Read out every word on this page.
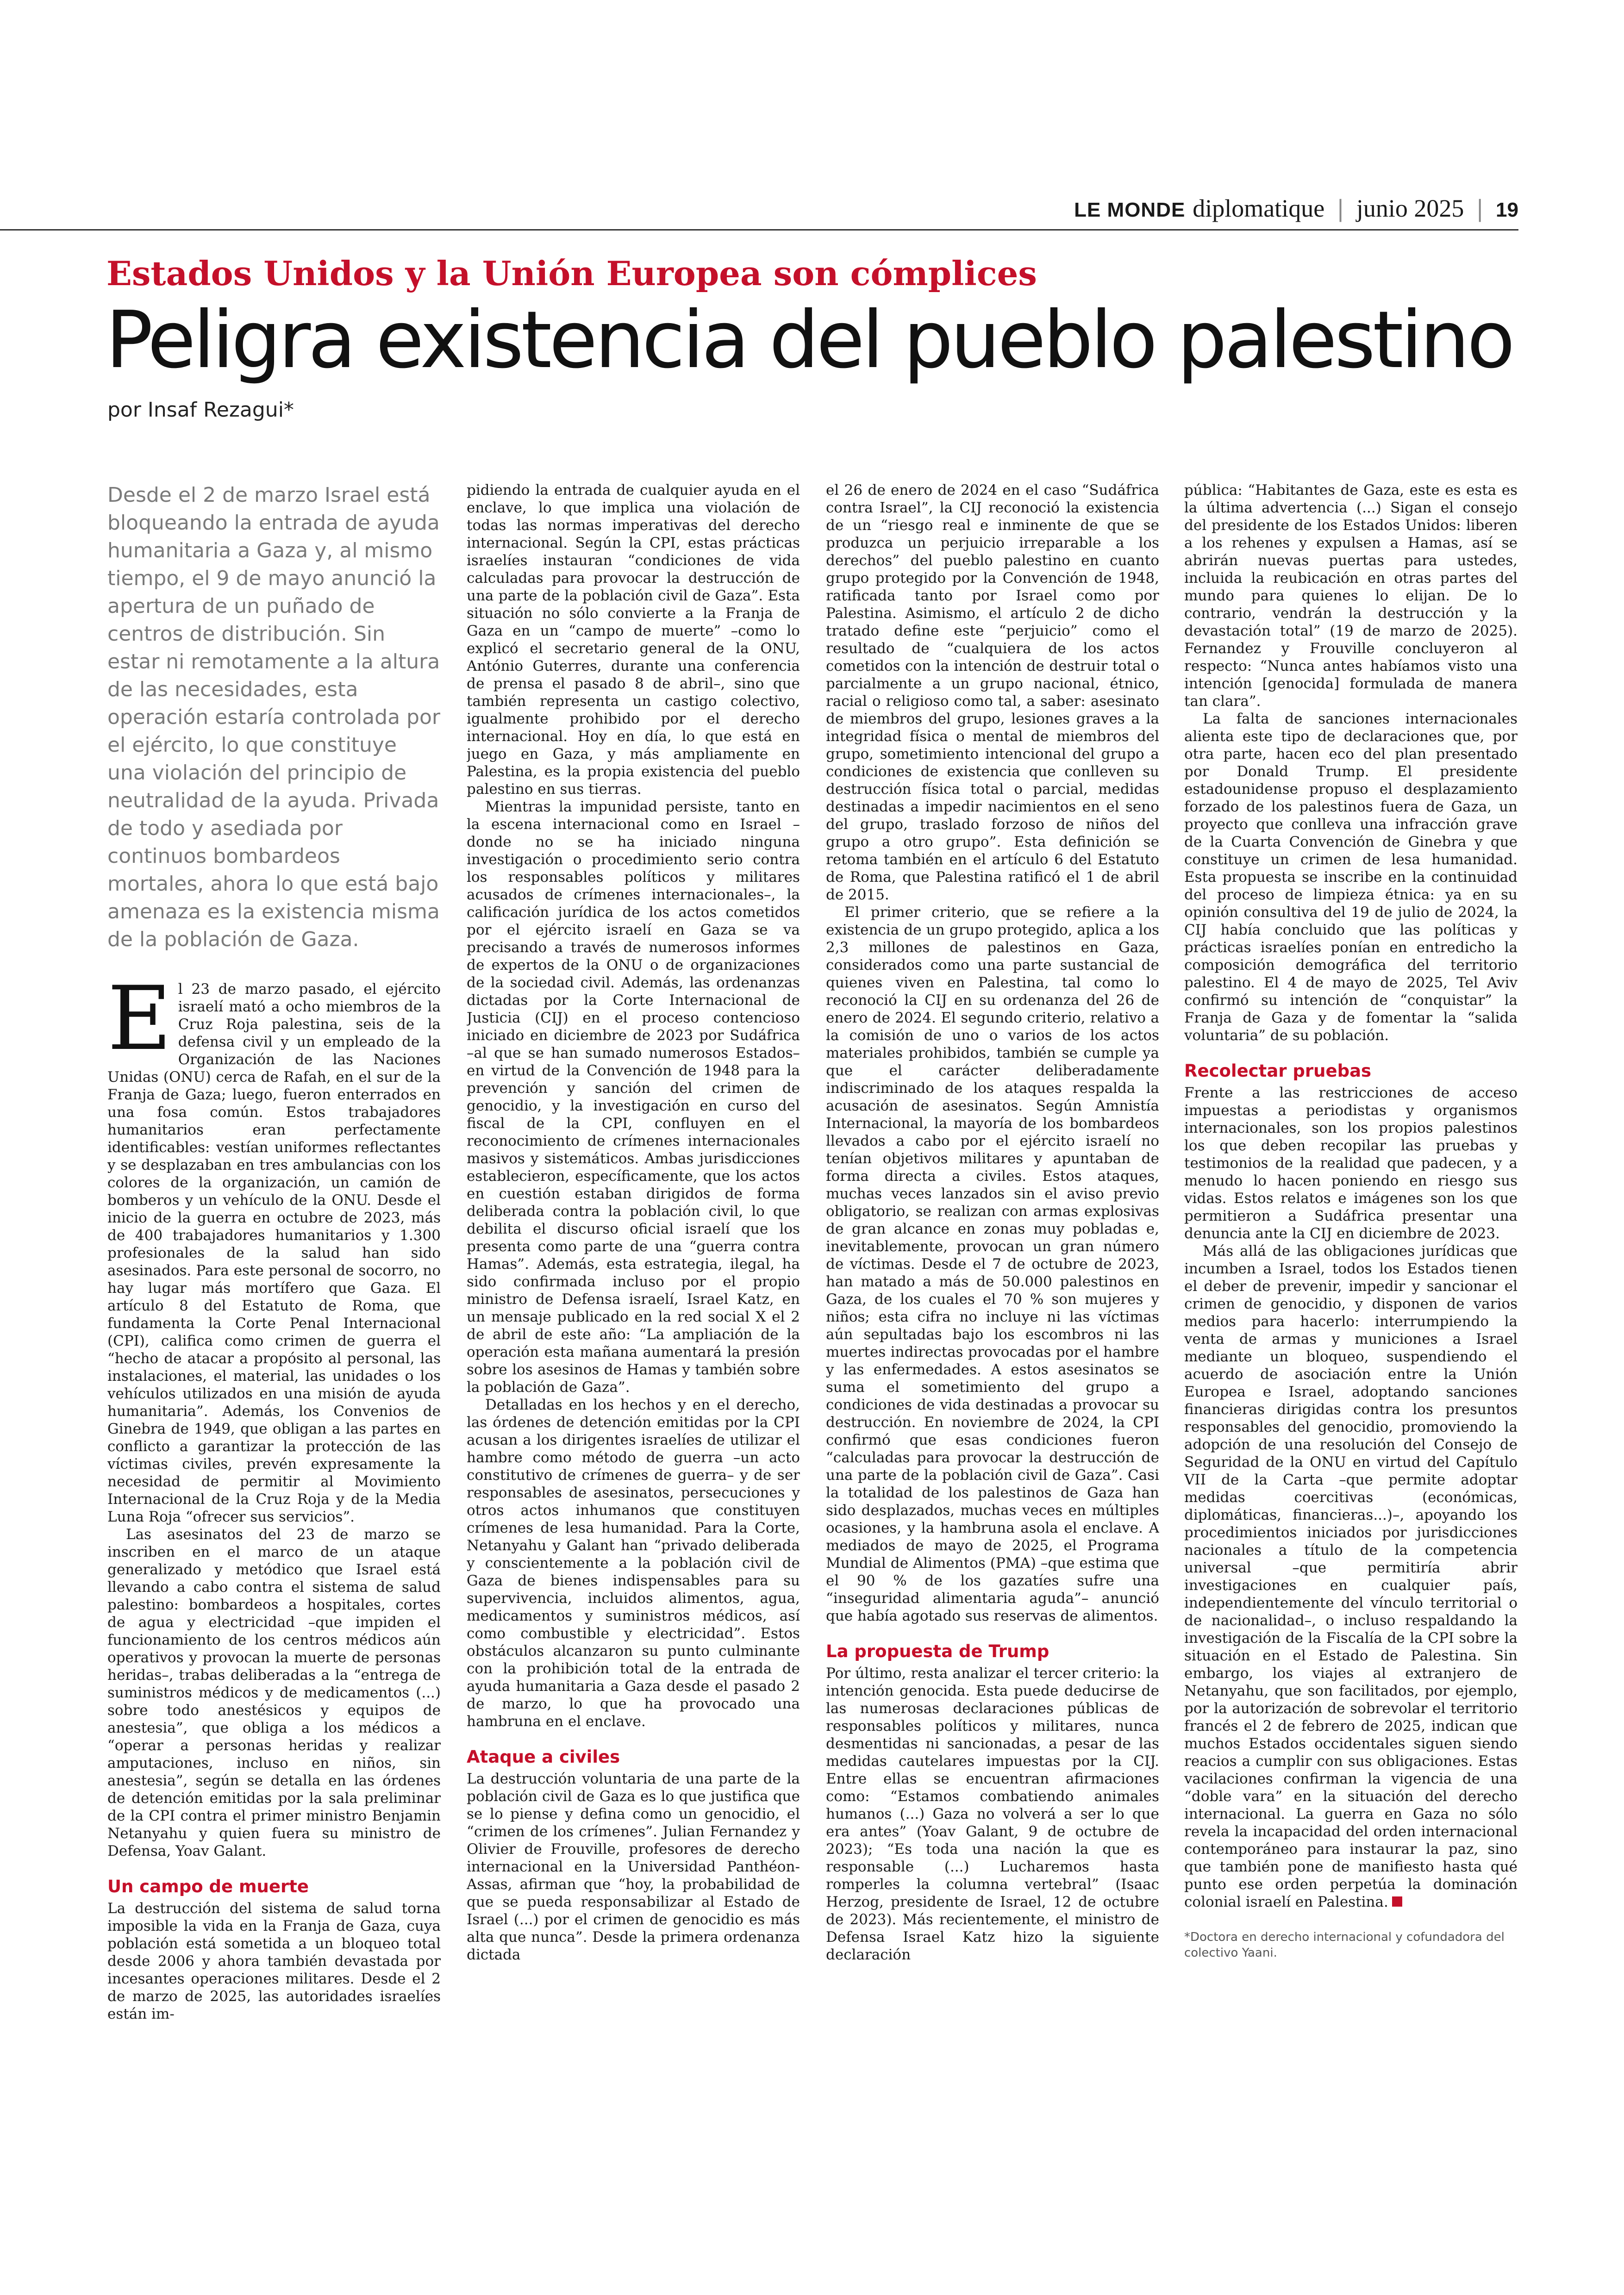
LE MONDE diplomatique | junio 2025 | 19
Estados Unidos y la Unión Europea son cómplices
Peligra existencia del pueblo palestino
por Insaf Rezagui*
Desde el 2 de marzo Israel está bloqueando la entrada de ayuda humanitaria a Gaza y, al mismo tiempo, el 9 de mayo anunció la apertura de un puñado de centros de distribución. Sin estar ni remotamente a la altura de las necesidades, esta operación estaría controlada por el ejército, lo que constituye una violación del principio de neutralidad de la ayuda. Privada de todo y asediada por continuos bombardeos mortales, ahora lo que está bajo amenaza es la existencia misma de la población de Gaza.

El 23 de marzo pasado, el ejército israelí mató a ocho miembros de la Cruz Roja palestina, seis de la defensa civil y un empleado de la Organización de las Naciones Unidas (ONU) cerca de Rafah, en el sur de la Franja de Gaza; luego, fueron enterrados en una fosa común. Estos trabajadores humanitarios eran perfectamente identificables: vestían uniformes reflectantes y se desplazaban en tres ambulancias con los colores de la organización, un camión de bomberos y un vehículo de la ONU. Desde el inicio de la guerra en octubre de 2023, más de 400 trabajadores humanitarios y 1.300 profesionales de la salud han sido asesinados. Para este personal de socorro, no hay lugar más mortífero que Gaza. El artículo 8 del Estatuto de Roma, que fundamenta la Corte Penal Internacional (CPI), califica como crimen de guerra el “hecho de atacar a propósito al personal, las instalaciones, el material, las unidades o los vehículos utilizados en una misión de ayuda humanitaria”. Además, los Convenios de Ginebra de 1949, que obligan a las partes en conflicto a garantizar la protección de las víctimas civiles, prevén expresamente la necesidad de permitir al Movimiento Internacional de la Cruz Roja y de la Media Luna Roja “ofrecer sus servicios”.

Las asesinatos del 23 de marzo se inscriben en el marco de un ataque generalizado y metódico que Israel está llevando a cabo contra el sistema de salud palestino: bombardeos a hospitales, cortes de agua y electricidad –que impiden el funcionamiento de los centros médicos aún operativos y provocan la muerte de personas heridas–, trabas deliberadas a la “entrega de suministros médicos y de medicamentos (...) sobre todo anestésicos y equipos de anestesia”, que obliga a los médicos a “operar a personas heridas y realizar amputaciones, incluso en niños, sin anestesia”, según se detalla en las órdenes de detención emitidas por la sala preliminar de la CPI contra el primer ministro Benjamin Netanyahu y quien fuera su ministro de Defensa, Yoav Galant.

Un campo de muerte

La destrucción del sistema de salud torna imposible la vida en la Franja de Gaza, cuya población está sometida a un bloqueo total desde 2006 y ahora también devastada por incesantes operaciones militares. Desde el 2 de marzo de 2025, las autoridades israelíes están im-

pidiendo la entrada de cualquier ayuda en el enclave, lo que implica una violación de todas las normas imperativas del derecho internacional. Según la CPI, estas prácticas israelíes instauran “condiciones de vida calculadas para provocar la destrucción de una parte de la población civil de Gaza”. Esta situación no sólo convierte a la Franja de Gaza en un “campo de muerte” –como lo explicó el secretario general de la ONU, António Guterres, durante una conferencia de prensa el pasado 8 de abril–, sino que también representa un castigo colectivo, igualmente prohibido por el derecho internacional. Hoy en día, lo que está en juego en Gaza, y más ampliamente en Palestina, es la propia existencia del pueblo palestino en sus tierras.

Mientras la impunidad persiste, tanto en la escena internacional como en Israel –donde no se ha iniciado ninguna investigación o procedimiento serio contra los responsables políticos y militares acusados de crímenes internacionales–, la calificación jurídica de los actos cometidos por el ejército israelí en Gaza se va precisando a través de numerosos informes de expertos de la ONU o de organizaciones de la sociedad civil. Además, las ordenanzas dictadas por la Corte Internacional de Justicia (CIJ) en el proceso contencioso iniciado en diciembre de 2023 por Sudáfrica –al que se han sumado numerosos Estados– en virtud de la Convención de 1948 para la prevención y sanción del crimen de genocidio, y la investigación en curso del fiscal de la CPI, confluyen en el reconocimiento de crímenes internacionales masivos y sistemáticos. Ambas jurisdicciones establecieron, específicamente, que los actos en cuestión estaban dirigidos de forma deliberada contra la población civil, lo que debilita el discurso oficial israelí que los presenta como parte de una “guerra contra Hamas”. Además, esta estrategia, ilegal, ha sido confirmada incluso por el propio ministro de Defensa israelí, Israel Katz, en un mensaje publicado en la red social X el 2 de abril de este año: “La ampliación de la operación esta mañana aumentará la presión sobre los asesinos de Hamas y también sobre la población de Gaza”.

Detalladas en los hechos y en el derecho, las órdenes de detención emitidas por la CPI acusan a los dirigentes israelíes de utilizar el hambre como método de guerra –un acto constitutivo de crímenes de guerra– y de ser responsables de asesinatos, persecuciones y otros actos inhumanos que constituyen crímenes de lesa humanidad. Para la Corte, Netanyahu y Galant han “privado deliberada y conscientemente a la población civil de Gaza de bienes indispensables para su supervivencia, incluidos alimentos, agua, medicamentos y suministros médicos, así como combustible y electricidad”. Estos obstáculos alcanzaron su punto culminante con la prohibición total de la entrada de ayuda humanitaria a Gaza desde el pasado 2 de marzo, lo que ha provocado una hambruna en el enclave.

Ataque a civiles

La destrucción voluntaria de una parte de la población civil de Gaza es lo que justifica que se lo piense y defina como un genocidio, el “crimen de los crímenes”. Julian Fernandez y Olivier de Frouville, profesores de derecho internacional en la Universidad Panthéon-Assas, afirman que “hoy, la probabilidad de que se pueda responsabilizar al Estado de Israel (...) por el crimen de genocidio es más alta que nunca”. Desde la primera ordenanza dictada

el 26 de enero de 2024 en el caso “Sudáfrica contra Israel”, la CIJ reconoció la existencia de un “riesgo real e inminente de que se produzca un perjuicio irreparable a los derechos” del pueblo palestino en cuanto grupo protegido por la Convención de 1948, ratificada tanto por Israel como por Palestina. Asimismo, el artículo 2 de dicho tratado define este “perjuicio” como el resultado de “cualquiera de los actos cometidos con la intención de destruir total o parcialmente a un grupo nacional, étnico, racial o religioso como tal, a saber: asesinato de miembros del grupo, lesiones graves a la integridad física o mental de miembros del grupo, sometimiento intencional del grupo a condiciones de existencia que conlleven su destrucción física total o parcial, medidas destinadas a impedir nacimientos en el seno del grupo, traslado forzoso de niños del grupo a otro grupo”. Esta definición se retoma también en el artículo 6 del Estatuto de Roma, que Palestina ratificó el 1 de abril de 2015.

El primer criterio, que se refiere a la existencia de un grupo protegido, aplica a los 2,3 millones de palestinos en Gaza, considerados como una parte sustancial de quienes viven en Palestina, tal como lo reconoció la CIJ en su ordenanza del 26 de enero de 2024. El segundo criterio, relativo a la comisión de uno o varios de los actos materiales prohibidos, también se cumple ya que el carácter deliberadamente indiscriminado de los ataques respalda la acusación de asesinatos. Según Amnistía Internacional, la mayoría de los bombardeos llevados a cabo por el ejército israelí no tenían objetivos militares y apuntaban de forma directa a civiles. Estos ataques, muchas veces lanzados sin el aviso previo obligatorio, se realizan con armas explosivas de gran alcance en zonas muy pobladas e, inevitablemente, provocan un gran número de víctimas. Desde el 7 de octubre de 2023, han matado a más de 50.000 palestinos en Gaza, de los cuales el 70 % son mujeres y niños; esta cifra no incluye ni las víctimas aún sepultadas bajo los escombros ni las muertes indirectas provocadas por el hambre y las enfermedades. A estos asesinatos se suma el sometimiento del grupo a condiciones de vida destinadas a provocar su destrucción. En noviembre de 2024, la CPI confirmó que esas condiciones fueron “calculadas para provocar la destrucción de una parte de la población civil de Gaza”. Casi la totalidad de los palestinos de Gaza han sido desplazados, muchas veces en múltiples ocasiones, y la hambruna asola el enclave. A mediados de mayo de 2025, el Programa Mundial de Alimentos (PMA) –que estima que el 90 % de los gazatíes sufre una “inseguridad alimentaria aguda”– anunció que había agotado sus reservas de alimentos.

La propuesta de Trump

Por último, resta analizar el tercer criterio: la intención genocida. Esta puede deducirse de las numerosas declaraciones públicas de responsables políticos y militares, nunca desmentidas ni sancionadas, a pesar de las medidas cautelares impuestas por la CIJ. Entre ellas se encuentran afirmaciones como: “Estamos combatiendo animales humanos (...) Gaza no volverá a ser lo que era antes” (Yoav Galant, 9 de octubre de 2023); “Es toda una nación la que es responsable (...) Lucharemos hasta romperles la columna vertebral” (Isaac Herzog, presidente de Israel, 12 de octubre de 2023). Más recientemente, el ministro de Defensa Israel Katz hizo la siguiente declaración

pública: “Habitantes de Gaza, este es esta es la última advertencia (...) Sigan el consejo del presidente de los Estados Unidos: liberen a los rehenes y expulsen a Hamas, así se abrirán nuevas puertas para ustedes, incluida la reubicación en otras partes del mundo para quienes lo elijan. De lo contrario, vendrán la destrucción y la devastación total” (19 de marzo de 2025). Fernandez y Frouville concluyeron al respecto: “Nunca antes habíamos visto una intención [genocida] formulada de manera tan clara”.

La falta de sanciones internacionales alienta este tipo de declaraciones que, por otra parte, hacen eco del plan presentado por Donald Trump. El presidente estadounidense propuso el desplazamiento forzado de los palestinos fuera de Gaza, un proyecto que conlleva una infracción grave de la Cuarta Convención de Ginebra y que constituye un crimen de lesa humanidad. Esta propuesta se inscribe en la continuidad del proceso de limpieza étnica: ya en su opinión consultiva del 19 de julio de 2024, la CIJ había concluido que las políticas y prácticas israelíes ponían en entredicho la composición demográfica del territorio palestino. El 4 de mayo de 2025, Tel Aviv confirmó su intención de “conquistar” la Franja de Gaza y de fomentar la “salida voluntaria” de su población.

Recolectar pruebas

Frente a las restricciones de acceso impuestas a periodistas y organismos internacionales, son los propios palestinos los que deben recopilar las pruebas y testimonios de la realidad que padecen, y a menudo lo hacen poniendo en riesgo sus vidas. Estos relatos e imágenes son los que permitieron a Sudáfrica presentar una denuncia ante la CIJ en diciembre de 2023.

Más allá de las obligaciones jurídicas que incumben a Israel, todos los Estados tienen el deber de prevenir, impedir y sancionar el crimen de genocidio, y disponen de varios medios para hacerlo: interrumpiendo la venta de armas y municiones a Israel mediante un bloqueo, suspendiendo el acuerdo de asociación entre la Unión Europea e Israel, adoptando sanciones financieras dirigidas contra los presuntos responsables del genocidio, promoviendo la adopción de una resolución del Consejo de Seguridad de la ONU en virtud del Capítulo VII de la Carta –que permite adoptar medidas coercitivas (económicas, diplomáticas, financieras...)–, apoyando los procedimientos iniciados por jurisdicciones nacionales a título de la competencia universal –que permitiría abrir investigaciones en cualquier país, independientemente del vínculo territorial o de nacionalidad–, o incluso respaldando la investigación de la Fiscalía de la CPI sobre la situación en el Estado de Palestina. Sin embargo, los viajes al extranjero de Netanyahu, que son facilitados, por ejemplo, por la autorización de sobrevolar el territorio francés el 2 de febrero de 2025, indican que muchos Estados occidentales siguen siendo reacios a cumplir con sus obligaciones. Estas vacilaciones confirman la vigencia de una “doble vara” en la situación del derecho internacional. La guerra en Gaza no sólo revela la incapacidad del orden internacional contemporáneo para instaurar la paz, sino que también pone de manifiesto hasta qué punto ese orden perpetúa la dominación colonial israelí en Palestina.

*Doctora en derecho internacional y cofundadora del colectivo Yaani.
